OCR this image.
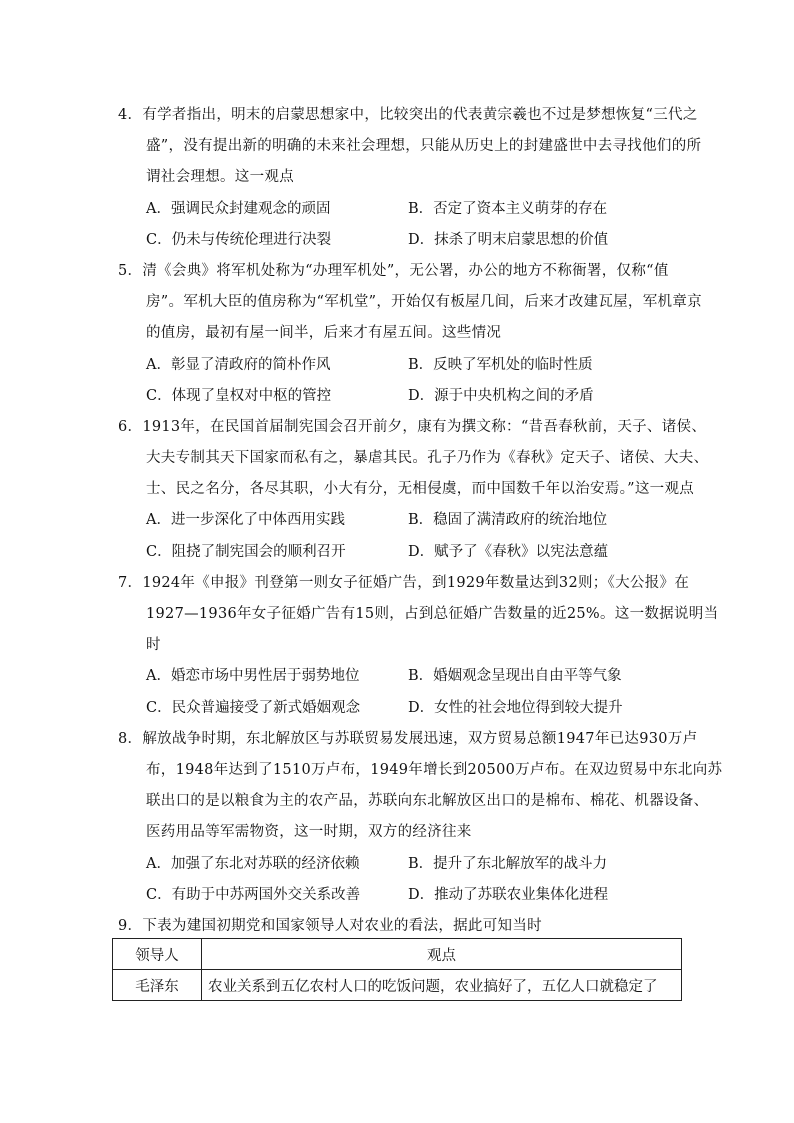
4．有学者指出，明末的启蒙思想家中，比较突出的代表黄宗羲也不过是梦想恢复“三代之
盛”，没有提出新的明确的未来社会理想，只能从历史上的封建盛世中去寻找他们的所
谓社会理想。这一观点
A．强调民众封建观念的顽固	B．否定了资本主义萌芽的存在
C．仍未与传统伦理进行决裂	D．抹杀了明末启蒙思想的价值
5．清《会典》将军机处称为“办理军机处”，无公署，办公的地方不称衙署，仅称“值
房”。军机大臣的值房称为“军机堂”，开始仅有板屋几间，后来才改建瓦屋，军机章京
的值房，最初有屋一间半，后来才有屋五间。这些情况
A．彰显了清政府的简朴作风	B．反映了军机处的临时性质
C．体现了皇权对中枢的管控	D．源于中央机构之间的矛盾
6．1913年，在民国首届制宪国会召开前夕，康有为撰文称：“昔吾春秋前，天子、诸侯、
大夫专制其天下国家而私有之，暴虐其民。孔子乃作为《春秋》定天子、诸侯、大夫、
士、民之名分，各尽其职，小大有分，无相侵虞，而中国数千年以治安焉。”这一观点
A．进一步深化了中体西用实践	B．稳固了满清政府的统治地位
C．阻挠了制宪国会的顺利召开	D．赋予了《春秋》以宪法意蕴
7．1924年《申报》刊登第一则女子征婚广告，到1929年数量达到32则；《大公报》在
1927—1936年女子征婚广告有15则，占到总征婚广告数量的近25%。这一数据说明当
时
A．婚恋市场中男性居于弱势地位	B．婚姻观念呈现出自由平等气象
C．民众普遍接受了新式婚姻观念	D．女性的社会地位得到较大提升
8．解放战争时期，东北解放区与苏联贸易发展迅速，双方贸易总额1947年已达930万卢
布，1948年达到了1510万卢布，1949年增长到20500万卢布。在双边贸易中东北向苏
联出口的是以粮食为主的农产品，苏联向东北解放区出口的是棉布、棉花、机器设备、
医药用品等军需物资，这一时期，双方的经济往来
A．加强了东北对苏联的经济依赖	B．提升了东北解放军的战斗力
C．有助于中苏两国外交关系改善	D．推动了苏联农业集体化进程
9．下表为建国初期党和国家领导人对农业的看法，据此可知当时
领导人	观点
毛泽东	农业关系到五亿农村人口的吃饭问题，农业搞好了，五亿人口就稳定了
